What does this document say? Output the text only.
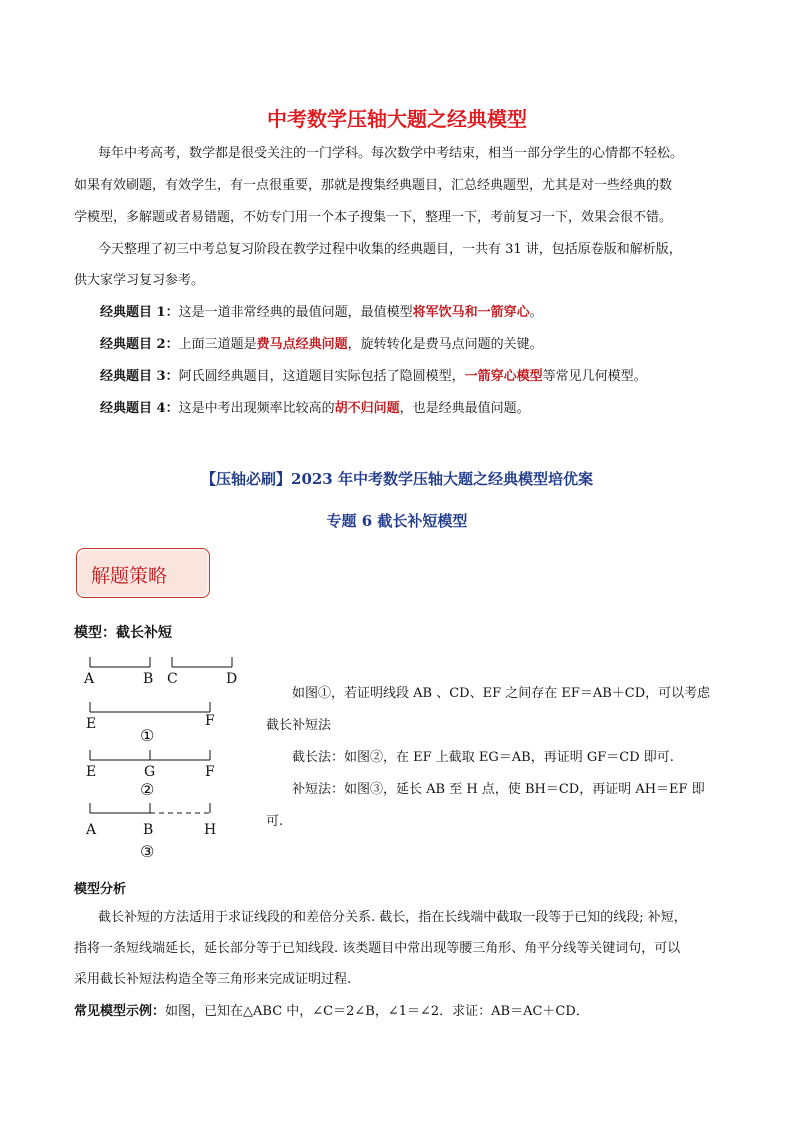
中考数学压轴大题之经典模型
每年中考高考，数学都是很受关注的一门学科。每次数学中考结束，相当一部分学生的心情都不轻松。
如果有效刷题，有效学生，有一点很重要，那就是搜集经典题目，汇总经典题型，尤其是对一些经典的数
学模型，多解题或者易错题，不妨专门用一个本子搜集一下，整理一下，考前复习一下，效果会很不错。
今天整理了初三中考总复习阶段在教学过程中收集的经典题目，一共有 31 讲，包括原卷版和解析版，
供大家学习复习参考。
经典题目 1：这是一道非常经典的最值问题，最值模型将军饮马和一箭穿心。
经典题目 2：上面三道题是费马点经典问题，旋转转化是费马点问题的关键。
经典题目 3：阿氏圆经典题目，这道题目实际包括了隐圆模型，一箭穿心模型等常见几何模型。
经典题目 4：这是中考出现频率比较高的胡不归问题，也是经典最值问题。
【压轴必刷】2023 年中考数学压轴大题之经典模型培优案
专题 6 截长补短模型
解题策略
模型：截长补短
A	B C	D
E	F
①
E	G	F
②
A	B	H
③
如图①，若证明线段 AB 、CD、EF 之间存在 EF＝AB＋CD，可以考虑
截长补短法
截长法：如图②，在 EF 上截取 EG＝AB，再证明 GF＝CD 即可.
补短法：如图③，延长 AB 至 H 点，使 BH＝CD，再证明 AH＝EF 即
可.
模型分析
截长补短的方法适用于求证线段的和差倍分关系. 截长，指在长线端中截取一段等于已知的线段; 补短，
指将一条短线端延长，延长部分等于已知线段. 该类题目中常出现等腰三角形、角平分线等关键词句，可以
采用截长补短法构造全等三角形来完成证明过程.
常见模型示例：如图，已知在△ABC 中，∠C＝2∠B，∠1＝∠2．求证：AB＝AC＋CD．
